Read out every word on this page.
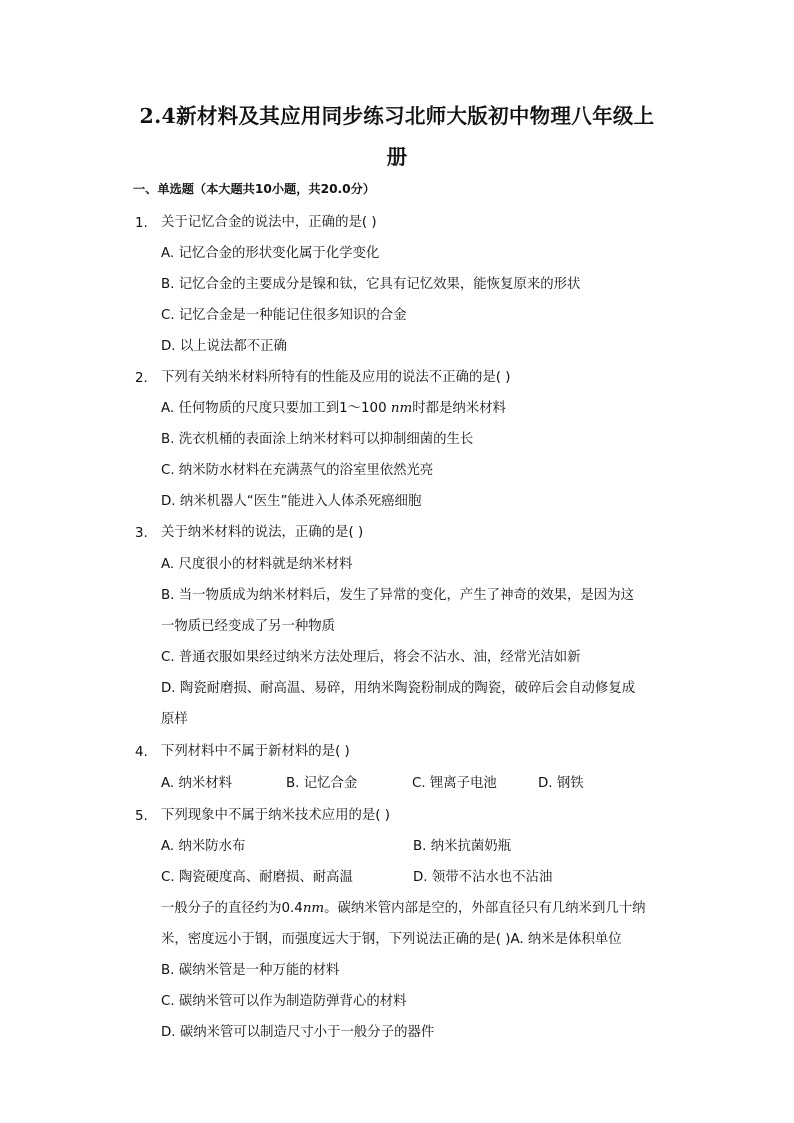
2.4新材料及其应用同步练习北师大版初中物理八年级上
册
一、单选题（本大题共10小题，共20.0分）
1. 关于记忆合金的说法中，正确的是( )
A. 记忆合金的形状变化属于化学变化
B. 记忆合金的主要成分是镍和钛，它具有记忆效果，能恢复原来的形状
C. 记忆合金是一种能记住很多知识的合金
D. 以上说法都不正确
2. 下列有关纳米材料所特有的性能及应用的说法不正确的是( )
A. 任何物质的尺度只要加工到1～100 nm时都是纳米材料
B. 洗衣机桶的表面涂上纳米材料可以抑制细菌的生长
C. 纳米防水材料在充满蒸气的浴室里依然光亮
D. 纳米机器人“医生”能进入人体杀死癌细胞
3. 关于纳米材料的说法，正确的是( )
A. 尺度很小的材料就是纳米材料
B. 当一物质成为纳米材料后，发生了异常的变化，产生了神奇的效果，是因为这
一物质已经变成了另一种物质
C. 普通衣服如果经过纳米方法处理后，将会不沾水、油，经常光洁如新
D. 陶瓷耐磨损、耐高温、易碎，用纳米陶瓷粉制成的陶瓷，破碎后会自动修复成
原样
4. 下列材料中不属于新材料的是( )
A. 纳米材料	B. 记忆合金	C. 锂离子电池	D. 钢铁
5. 下列现象中不属于纳米技术应用的是( )
A. 纳米防水布	B. 纳米抗菌奶瓶
C. 陶瓷硬度高、耐磨损、耐高温	D. 领带不沾水也不沾油
一般分子的直径约为0.4nm。碳纳米管内部是空的，外部直径只有几纳米到几十纳
米，密度远小于钢，而强度远大于钢，下列说法正确的是( )A. 纳米是体积单位
B. 碳纳米管是一种万能的材料
C. 碳纳米管可以作为制造防弹背心的材料
D. 碳纳米管可以制造尺寸小于一般分子的器件
